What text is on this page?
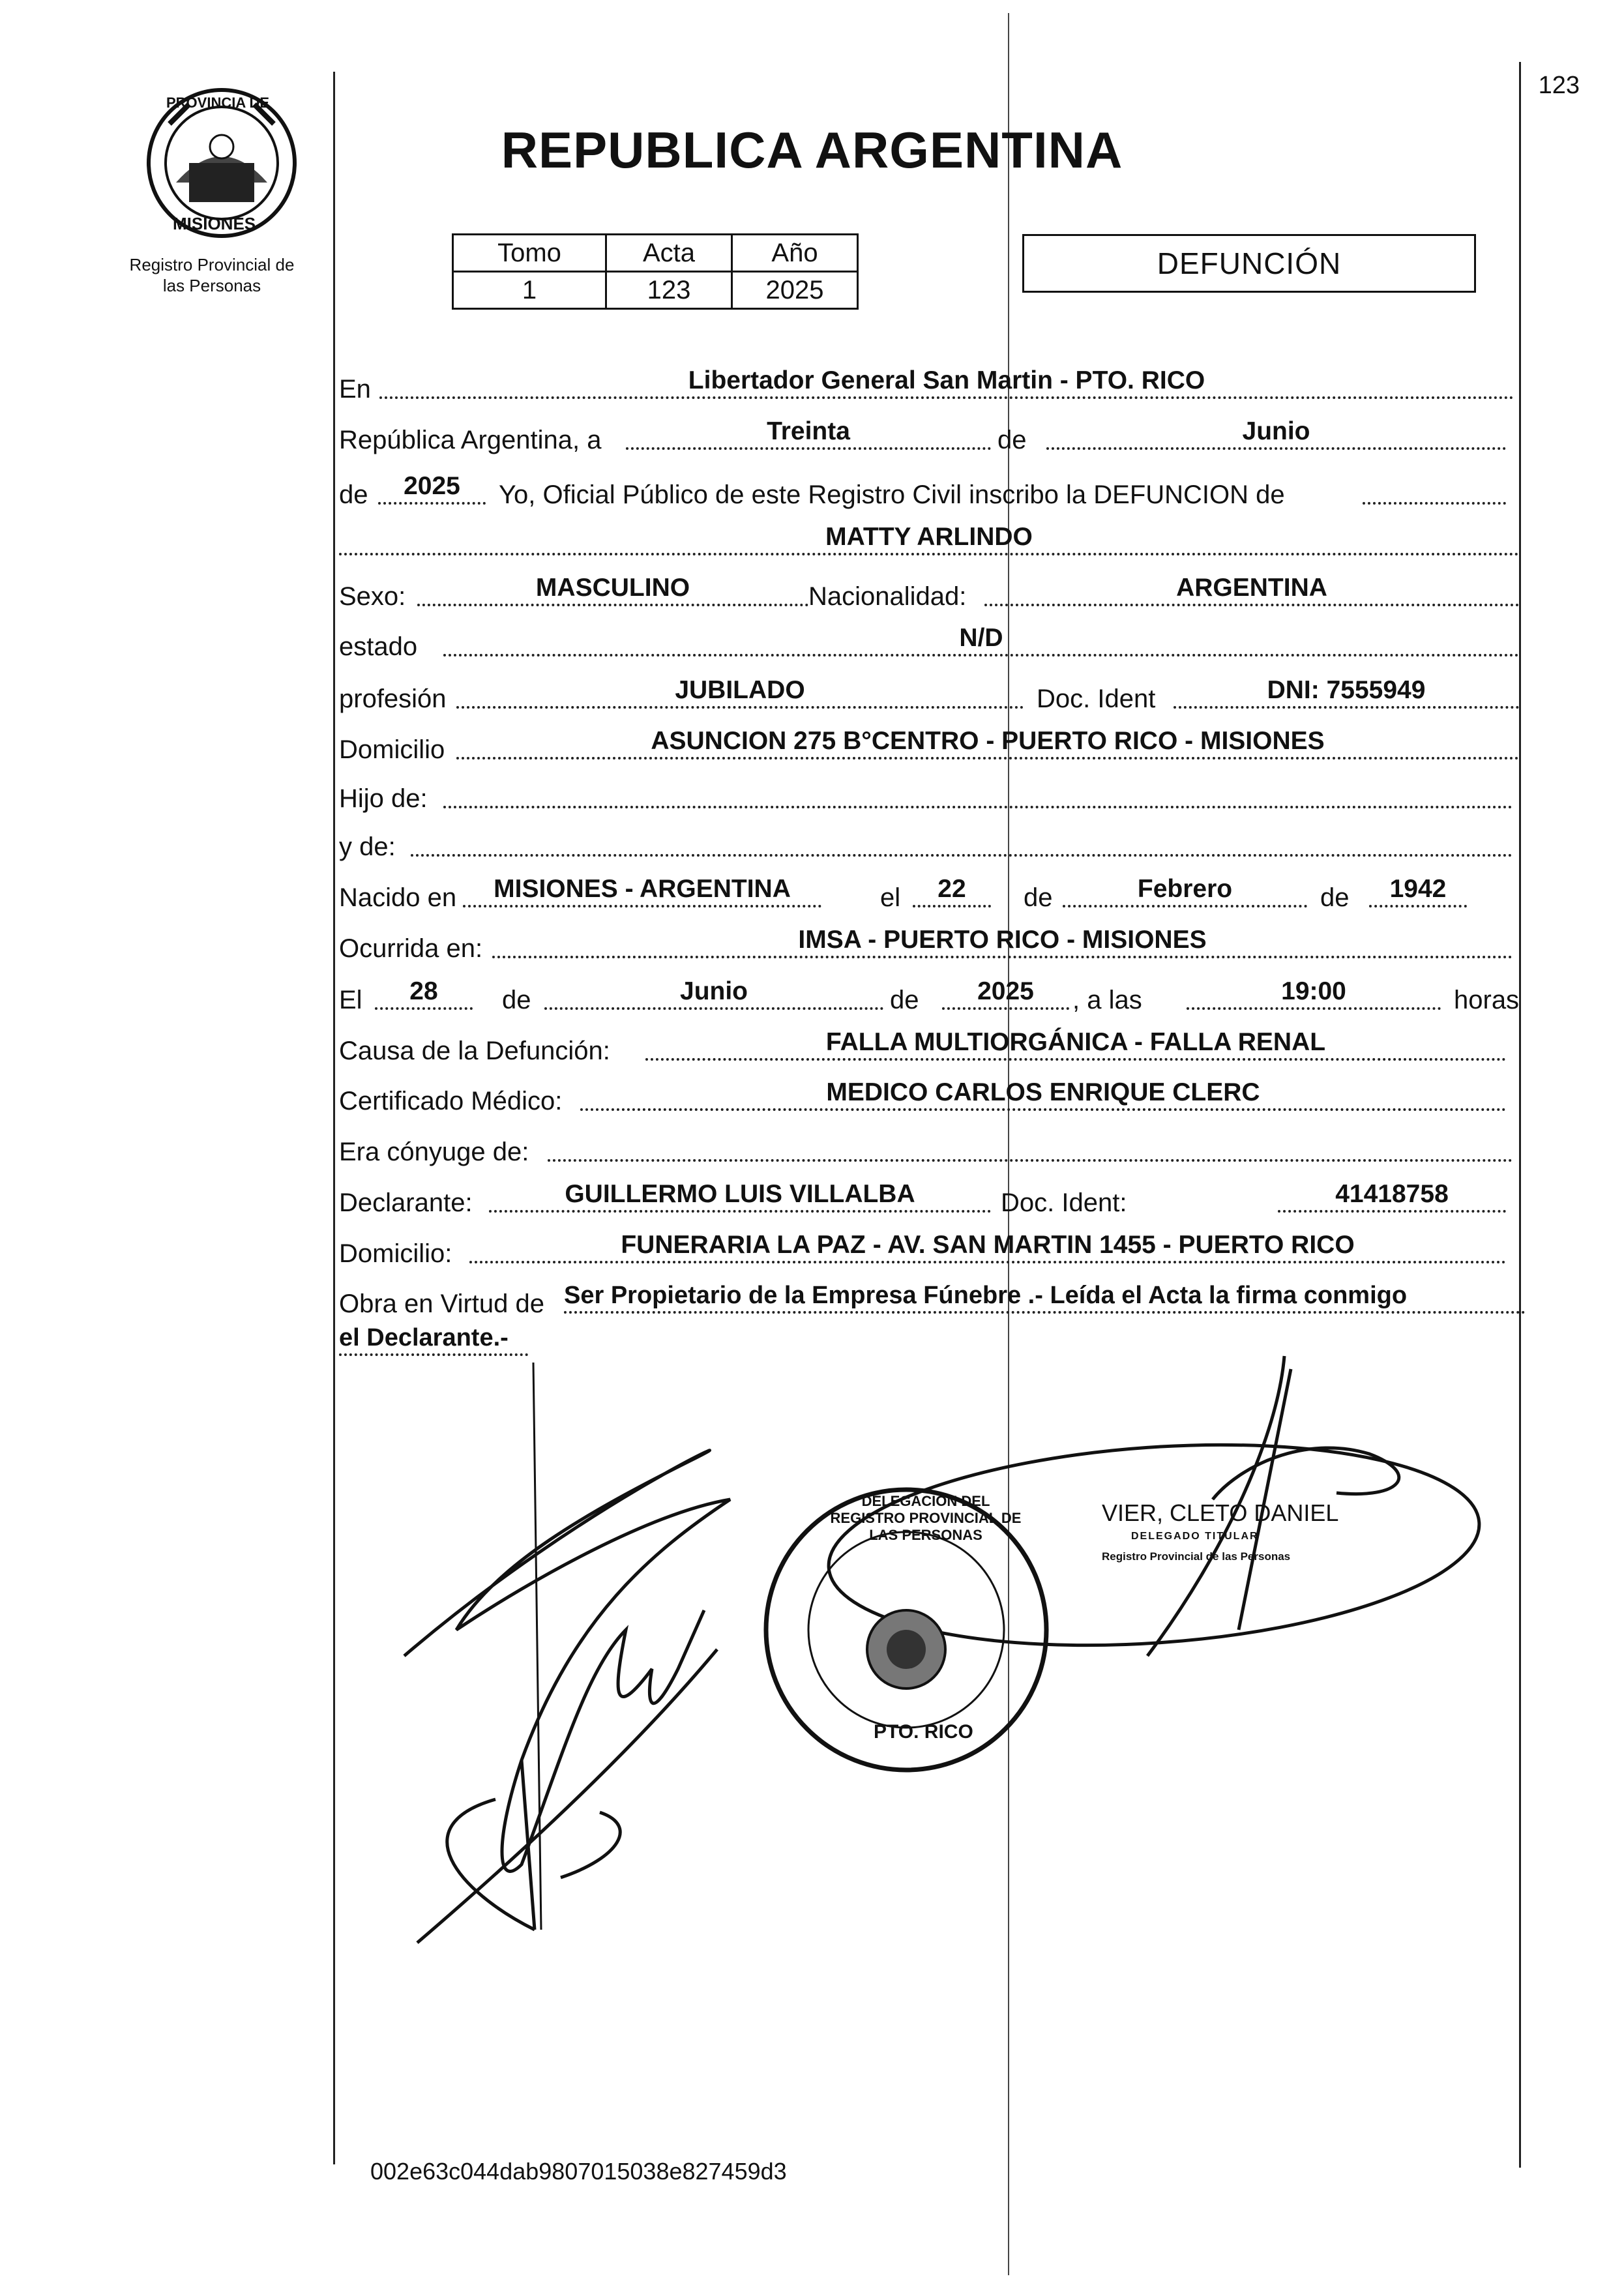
PROVINCIA DE
MISIONES
Registro Provincial de
las Personas
REPUBLICA ARGENTINA
123
Tomo	Acta	Año
1	123	2025
DEFUNCIÓN
En	Libertador General San Martin - PTO. RICO
República Argentina, a	Treinta	de	Junio
de	2025	Yo, Oficial Público de este Registro Civil inscribo la DEFUNCION de
MATTY ARLINDO
Sexo:	MASCULINO	Nacionalidad:	ARGENTINA
estado	N/D
profesión	JUBILADO	Doc. Ident	DNI: 7555949
Domicilio	ASUNCION 275 B°CENTRO - PUERTO RICO - MISIONES
Hijo de:
y de:
Nacido en	MISIONES - ARGENTINA	el	22	de	Febrero	de	1942
Ocurrida en:	IMSA - PUERTO RICO - MISIONES
El	28	de	Junio	de	2025	, a las	19:00	horas
Causa de la Defunción:	FALLA MULTIORGÁNICA - FALLA RENAL
Certificado Médico:	MEDICO CARLOS ENRIQUE CLERC
Era cónyuge de:
Declarante:	GUILLERMO LUIS VILLALBA	Doc. Ident:	41418758
Domicilio:	FUNERARIA LA PAZ - AV. SAN MARTIN 1455 - PUERTO RICO
Obra en Virtud de Ser Propietario de la Empresa Fúnebre .- Leída el Acta la firma conmigo
el Declarante.-
DELEGACION DEL REGISTRO PROVINCIAL DE LAS PERSONAS
PTO. RICO
VIER, CLETO DANIEL
DELEGADO TITULAR
Registro Provincial de las Personas
002e63c044dab9807015038e827459d3
